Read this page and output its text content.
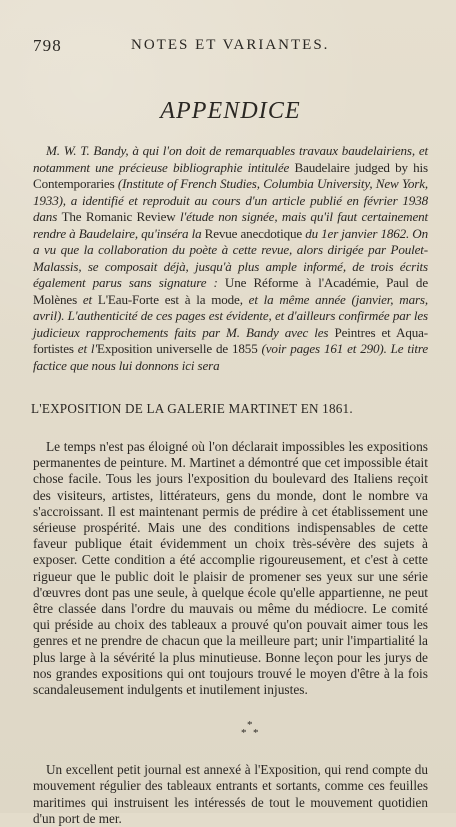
798	NOTES ET VARIANTES.
APPENDICE

M. W. T. Bandy, à qui l'on doit de remarquables travaux baudelairiens, et notamment une précieuse bibliographie intitulée Baudelaire judged by his Contemporaries (Institute of French Studies, Columbia University, New York, 1933), a identifié et reproduit au cours d'un article publié en février 1938 dans The Romanic Review l'étude non signée, mais qu'il faut certainement rendre à Baudelaire, qu'inséra la Revue anecdotique du 1er janvier 1862. On a vu que la collaboration du poète à cette revue, alors dirigée par Poulet-Malassis, se composait déjà, jusqu'à plus ample informé, de trois écrits également parus sans signature : Une Réforme à l'Académie, Paul de Molènes et L'Eau-Forte est à la mode, et la même année (janvier, mars, avril). L'authenticité de ces pages est évidente, et d'ailleurs confirmée par les judicieux rapprochements faits par M. Bandy avec les Peintres et Aqua-fortistes et l'Exposition universelle de 1855 (voir pages 161 et 290). Le titre factice que nous lui donnons ici sera

L'EXPOSITION DE LA GALERIE MARTINET EN 1861.

Le temps n'est pas éloigné où l'on déclarait impossibles les expositions permanentes de peinture. M. Martinet a démontré que cet impossible était chose facile. Tous les jours l'exposition du boulevard des Italiens reçoit des visiteurs, artistes, littérateurs, gens du monde, dont le nombre va s'accroissant. Il est maintenant permis de prédire à cet établissement une sérieuse prospérité. Mais une des conditions indispensables de cette faveur publique était évidemment un choix très-sévère des sujets à exposer. Cette condition a été accomplie rigoureusement, et c'est à cette rigueur que le public doit le plaisir de promener ses yeux sur une série d'œuvres dont pas une seule, à quelque école qu'elle appartienne, ne peut être classée dans l'ordre du mauvais ou même du médiocre. Le comité qui préside au choix des tableaux a prouvé qu'on pouvait aimer tous les genres et ne prendre de chacun que la meilleure part; unir l'impartialité la plus large à la sévérité la plus minutieuse. Bonne leçon pour les jurys de nos grandes expositions qui ont toujours trouvé le moyen d'être à la fois scandaleusement indulgents et inutilement injustes.

*
* *

Un excellent petit journal est annexé à l'Exposition, qui rend compte du mouvement régulier des tableaux entrants et sortants, comme ces feuilles maritimes qui instruisent les intéressés de tout le mouvement quotidien d'un port de mer.
